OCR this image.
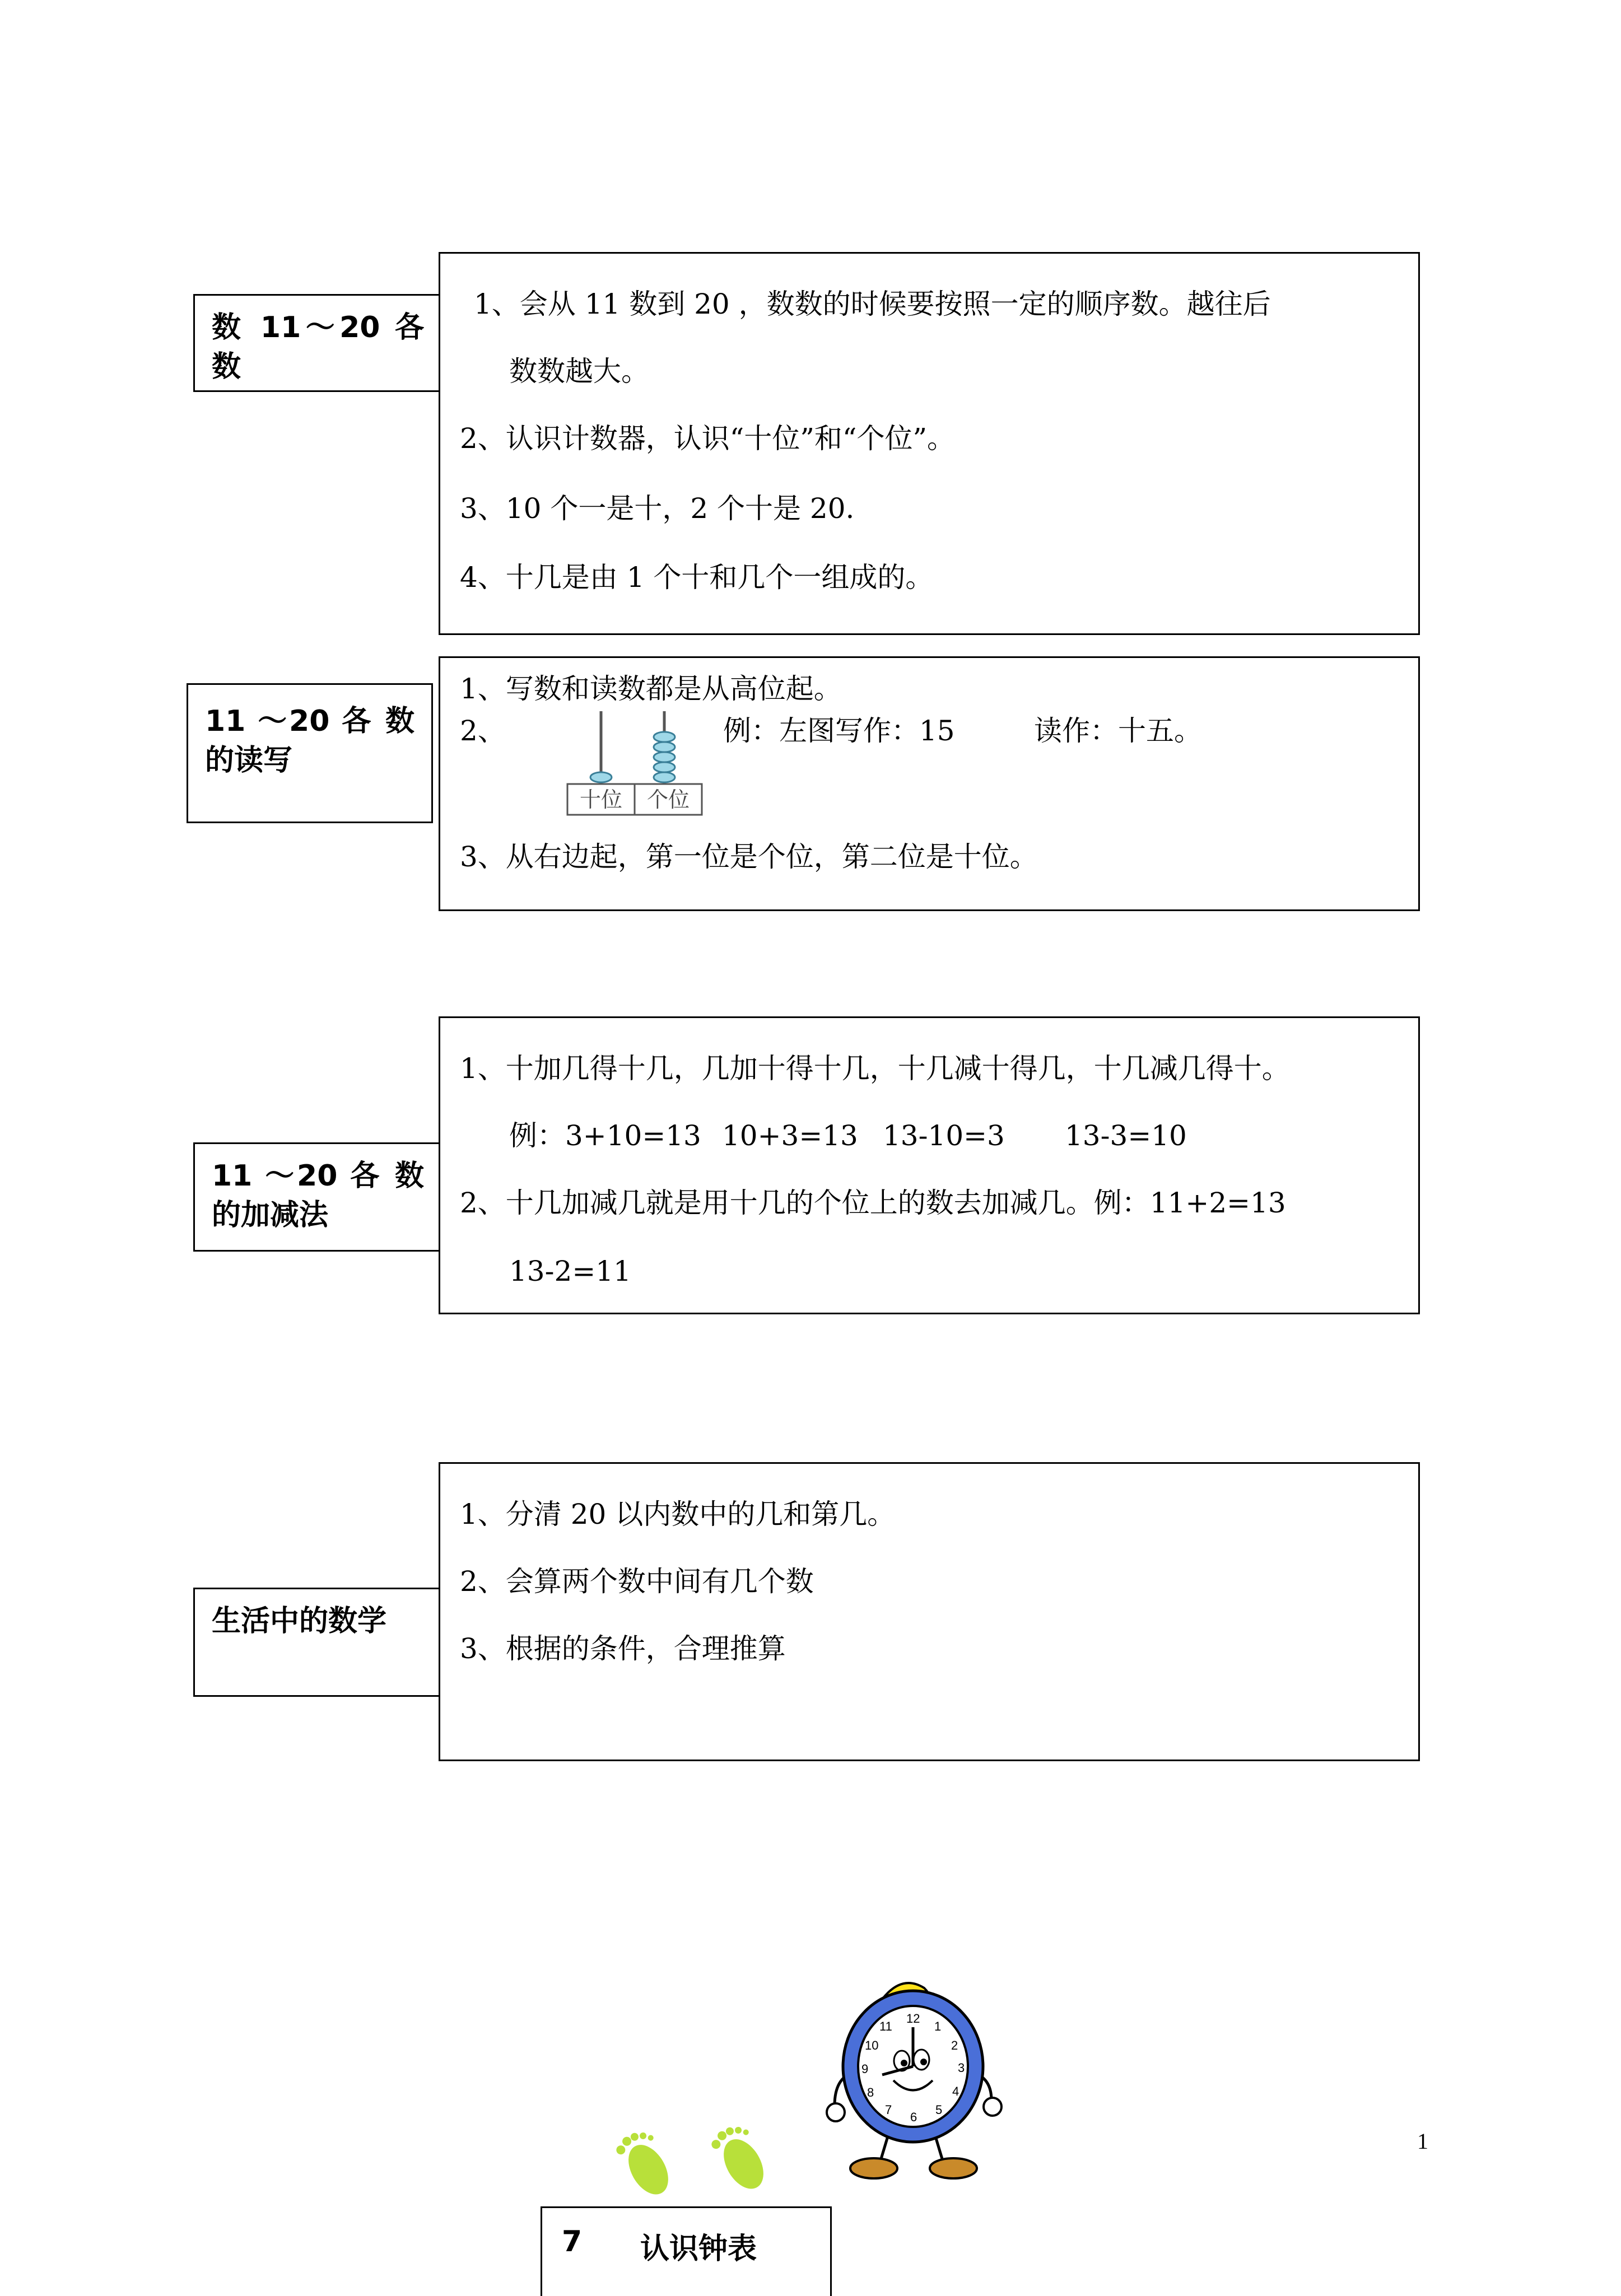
数 11～20 各
数
1、会从 11 数到 20 ，数数的时候要按照一定的顺序数。越往后
数数越大。
2、认识计数器，认识“十位”和“个位”。
3、10 个一是十，2 个十是 20.
4、十几是由 1 个十和几个一组成的。
11 ～20 各 数
的读写
1、写数和读数都是从高位起。
2、	例：左图写作：15	读作：十五。
3、从右边起，第一位是个位，第二位是十位。
十位	个位
11 ～20 各 数
的加减法
1、十加几得十几，几加十得十几，十几减十得几，十几减几得十。
例：3+10=13 10+3=13 13-10=3 13-3=10
2、十几加减几就是用十几的个位上的数去加减几。例：11+2=13
13-2=11
生活中的数学
1、分清 20 以内数中的几和第几。
2、会算两个数中间有几个数
3、根据的条件，合理推算
12
1
2
3
4
5
6
7
8
9
10
11
1
7 认识钟表
